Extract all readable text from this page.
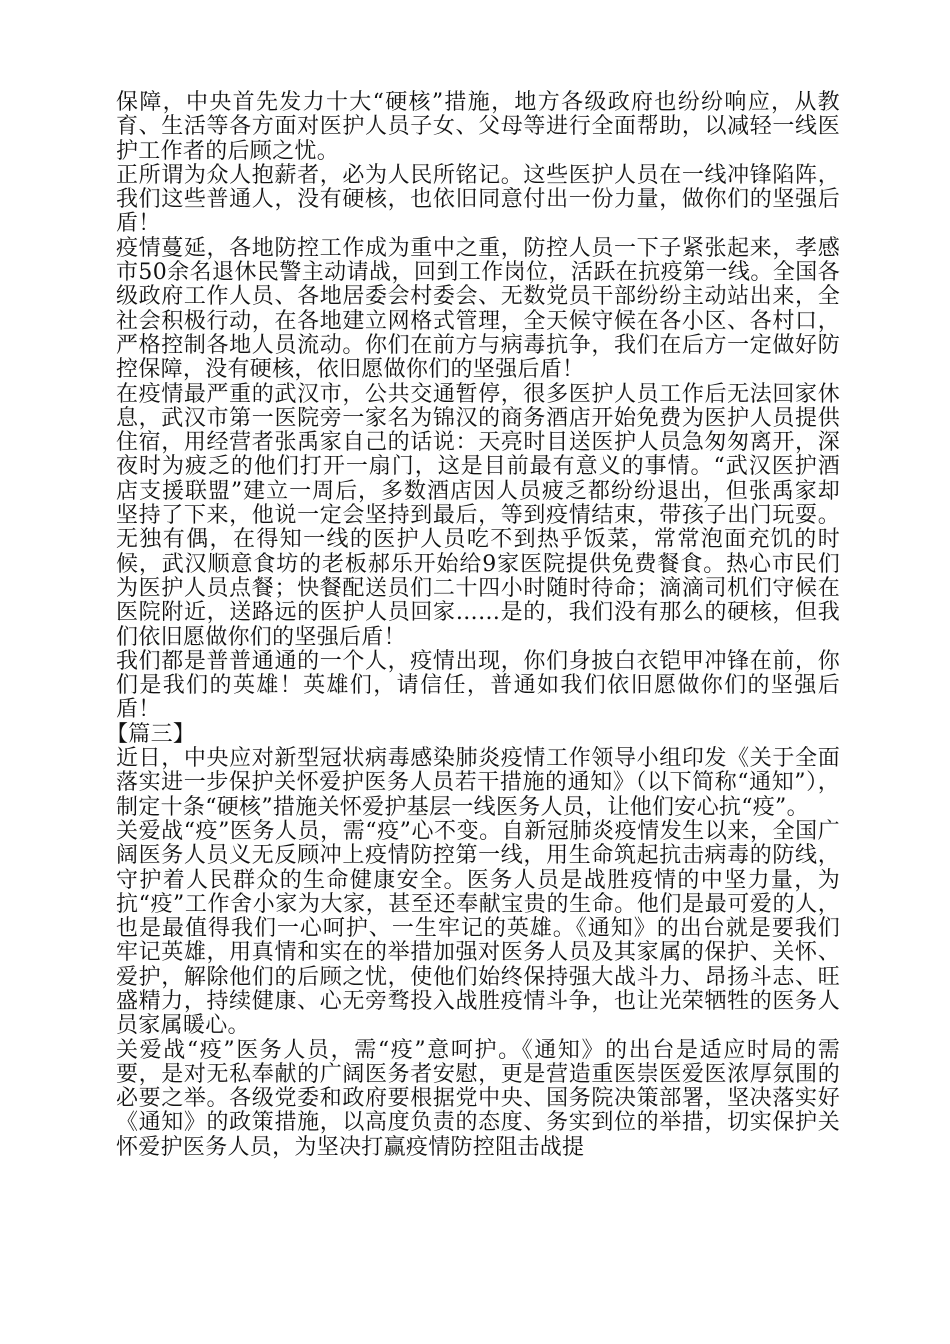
保障，中央首先发力十大“硬核”措施，地方各级政府也纷纷响应，从教育、生活等各方面对医护人员子女、父母等进行全面帮助，以减轻一线医护工作者的后顾之忧。

正所谓为众人抱薪者，必为人民所铭记。这些医护人员在一线冲锋陷阵，我们这些普通人，没有硬核，也依旧同意付出一份力量，做你们的坚强后盾！

疫情蔓延，各地防控工作成为重中之重，防控人员一下子紧张起来，孝感市50余名退休民警主动请战，回到工作岗位，活跃在抗疫第一线。全国各级政府工作人员、各地居委会村委会、无数党员干部纷纷主动站出来，全社会积极行动，在各地建立网格式管理，全天候守候在各小区、各村口，严格控制各地人员流动。你们在前方与病毒抗争，我们在后方一定做好防控保障，没有硬核，依旧愿做你们的坚强后盾！

在疫情最严重的武汉市，公共交通暂停，很多医护人员工作后无法回家休息，武汉市第一医院旁一家名为锦汉的商务酒店开始免费为医护人员提供住宿，用经营者张禹家自己的话说：天亮时目送医护人员急匆匆离开，深夜时为疲乏的他们打开一扇门，这是目前最有意义的事情。“武汉医护酒店支援联盟”建立一周后，多数酒店因人员疲乏都纷纷退出，但张禹家却坚持了下来，他说一定会坚持到最后，等到疫情结束，带孩子出门玩耍。无独有偶，在得知一线的医护人员吃不到热乎饭菜，常常泡面充饥的时候，武汉顺意食坊的老板郝乐开始给9家医院提供免费餐食。热心市民们为医护人员点餐；快餐配送员们二十四小时随时待命；滴滴司机们守候在医院附近，送路远的医护人员回家……是的，我们没有那么的硬核，但我们依旧愿做你们的坚强后盾！

我们都是普普通通的一个人，疫情出现，你们身披白衣铠甲冲锋在前，你们是我们的英雄！英雄们，请信任，普通如我们依旧愿做你们的坚强后盾！

【篇三】

近日，中央应对新型冠状病毒感染肺炎疫情工作领导小组印发《关于全面落实进一步保护关怀爱护医务人员若干措施的通知》（以下简称“通知”），制定十条“硬核”措施关怀爱护基层一线医务人员，让他们安心抗“疫”。

关爱战“疫”医务人员，需“疫”心不变。自新冠肺炎疫情发生以来，全国广阔医务人员义无反顾冲上疫情防控第一线，用生命筑起抗击病毒的防线，守护着人民群众的生命健康安全。医务人员是战胜疫情的中坚力量，为抗“疫”工作舍小家为大家，甚至还奉献宝贵的生命。他们是最可爱的人，也是最值得我们一心呵护、一生牢记的英雄。《通知》的出台就是要我们牢记英雄，用真情和实在的举措加强对医务人员及其家属的保护、关怀、爱护，解除他们的后顾之忧，使他们始终保持强大战斗力、昂扬斗志、旺盛精力，持续健康、心无旁骛投入战胜疫情斗争，也让光荣牺牲的医务人员家属暖心。

关爱战“疫”医务人员，需“疫”意呵护。《通知》的出台是适应时局的需要，是对无私奉献的广阔医务者安慰，更是营造重医崇医爱医浓厚氛围的必要之举。各级党委和政府要根据党中央、国务院决策部署，坚决落实好《通知》的政策措施，以高度负责的态度、务实到位的举措，切实保护关怀爱护医务人员，为坚决打赢疫情防控阻击战提
